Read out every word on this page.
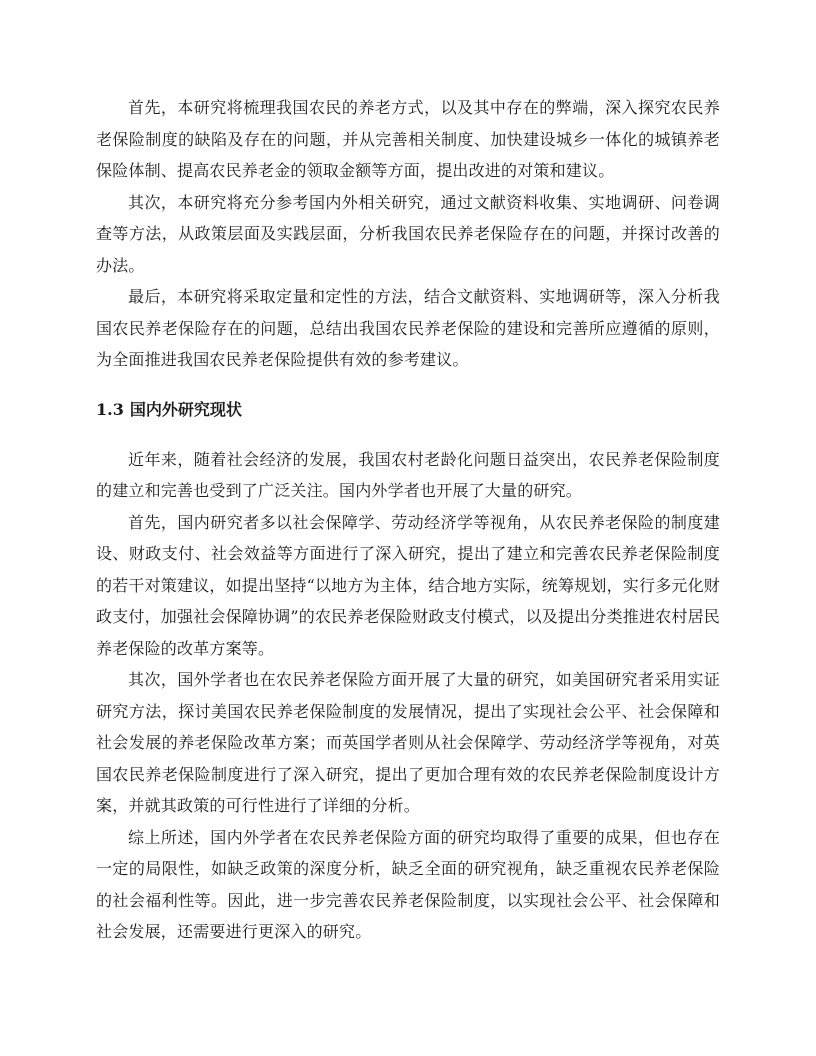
首先，本研究将梳理我国农民的养老方式，以及其中存在的弊端，深入探究农民养老保险制度的缺陷及存在的问题，并从完善相关制度、加快建设城乡一体化的城镇养老保险体制、提高农民养老金的领取金额等方面，提出改进的对策和建议。

其次，本研究将充分参考国内外相关研究，通过文献资料收集、实地调研、问卷调查等方法，从政策层面及实践层面，分析我国农民养老保险存在的问题，并探讨改善的办法。

最后，本研究将采取定量和定性的方法，结合文献资料、实地调研等，深入分析我国农民养老保险存在的问题，总结出我国农民养老保险的建设和完善所应遵循的原则，为全面推进我国农民养老保险提供有效的参考建议。

1.3 国内外研究现状

近年来，随着社会经济的发展，我国农村老龄化问题日益突出，农民养老保险制度的建立和完善也受到了广泛关注。国内外学者也开展了大量的研究。

首先，国内研究者多以社会保障学、劳动经济学等视角，从农民养老保险的制度建设、财政支付、社会效益等方面进行了深入研究，提出了建立和完善农民养老保险制度的若干对策建议，如提出坚持“以地方为主体，结合地方实际，统筹规划，实行多元化财政支付，加强社会保障协调”的农民养老保险财政支付模式，以及提出分类推进农村居民养老保险的改革方案等。

其次，国外学者也在农民养老保险方面开展了大量的研究，如美国研究者采用实证研究方法，探讨美国农民养老保险制度的发展情况，提出了实现社会公平、社会保障和社会发展的养老保险改革方案；而英国学者则从社会保障学、劳动经济学等视角，对英国农民养老保险制度进行了深入研究，提出了更加合理有效的农民养老保险制度设计方案，并就其政策的可行性进行了详细的分析。

综上所述，国内外学者在农民养老保险方面的研究均取得了重要的成果，但也存在一定的局限性，如缺乏政策的深度分析，缺乏全面的研究视角，缺乏重视农民养老保险的社会福利性等。因此，进一步完善农民养老保险制度，以实现社会公平、社会保障和社会发展，还需要进行更深入的研究。
